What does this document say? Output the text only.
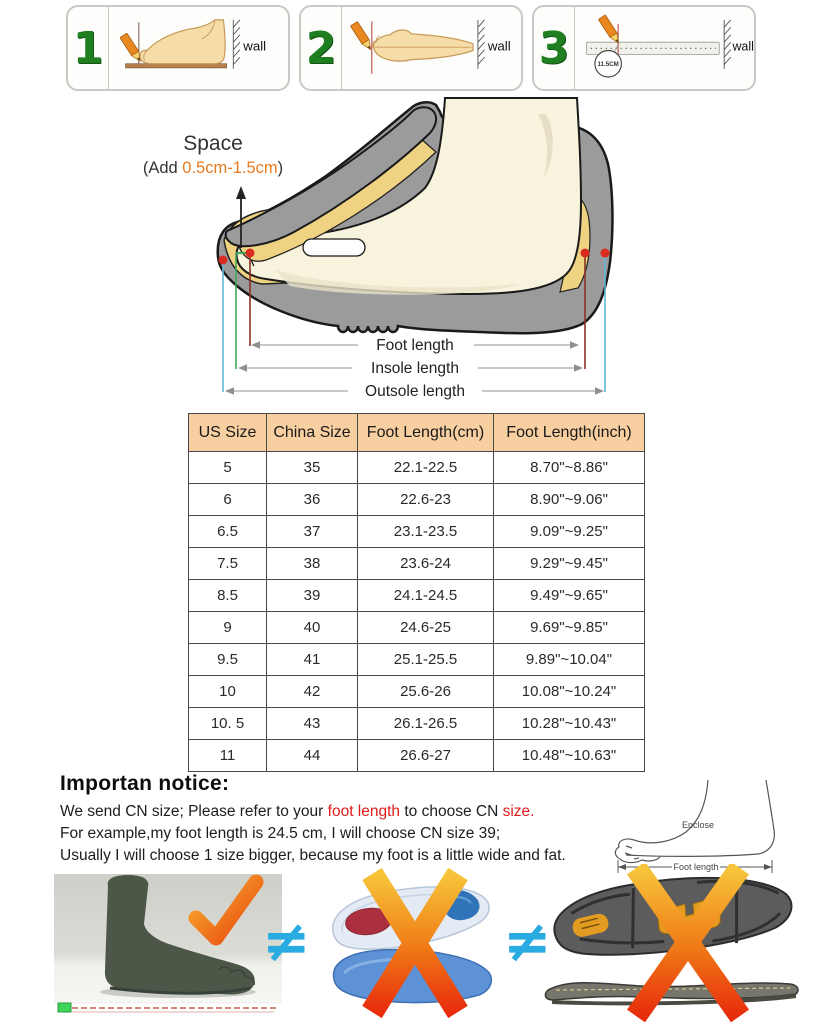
1	wall 2	wall 3	11.5CM
wall
Space
(Add 0.5cm-1.5cm)
Foot length
Insole length
Outsole length
US Size	China Size	Foot Length(cm)	Foot Length(inch)
5	35	22.1-22.5	8.70"~8.86"
6	36	22.6-23	8.90"~9.06"
6.5	37	23.1-23.5	9.09"~9.25"
7.5	38	23.6-24	9.29"~9.45"
8.5	39	24.1-24.5	9.49"~9.65"
9	40	24.6-25	9.69"~9.85"
9.5	41	25.1-25.5	9.89"~10.04"
10	42	25.6-26	10.08"~10.24"
10. 5	43	26.1-26.5	10.28"~10.43"
11	44	26.6-27	10.48"~10.63"
Importan notice:

We send CN size; Please refer to your foot length to choose CN size.

For example,my foot length is 24.5 cm, I will choose CN size 39;

Usually I will choose 1 size bigger, because my foot is a little wide and fat.

Enclose
Foot length
≠	≠
